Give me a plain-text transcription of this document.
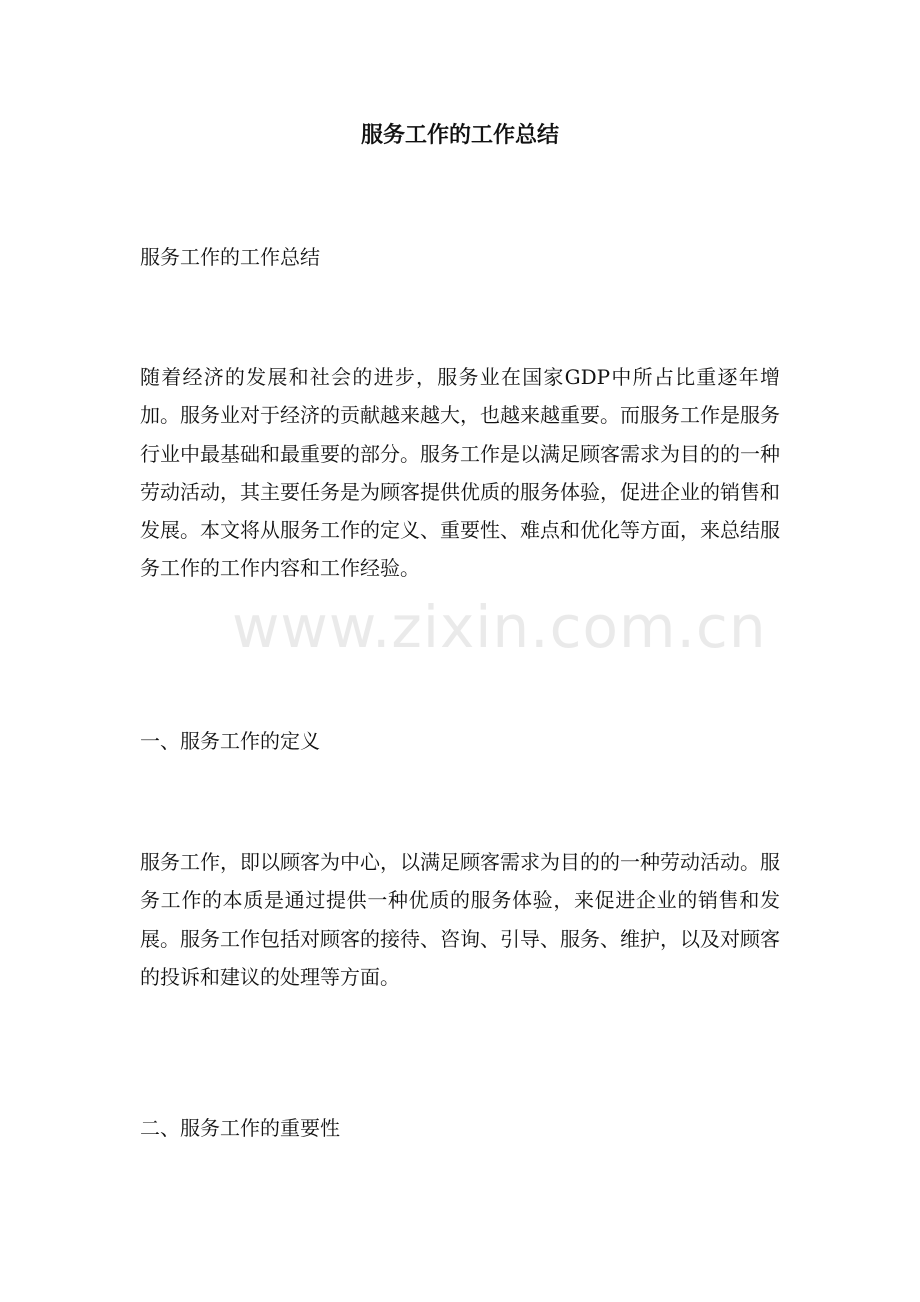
服务工作的工作总结

服务工作的工作总结

随着经济的发展和社会的进步，服务业在国家GDP中所占比重逐年增加。服务业对于经济的贡献越来越大，也越来越重要。而服务工作是服务行业中最基础和最重要的部分。服务工作是以满足顾客需求为目的的一种劳动活动，其主要任务是为顾客提供优质的服务体验，促进企业的销售和发展。本文将从服务工作的定义、重要性、难点和优化等方面，来总结服务工作的工作内容和工作经验。

一、服务工作的定义

服务工作，即以顾客为中心，以满足顾客需求为目的的一种劳动活动。服务工作的本质是通过提供一种优质的服务体验，来促进企业的销售和发展。服务工作包括对顾客的接待、咨询、引导、服务、维护，以及对顾客的投诉和建议的处理等方面。

二、服务工作的重要性

www.zixin.com.cn
